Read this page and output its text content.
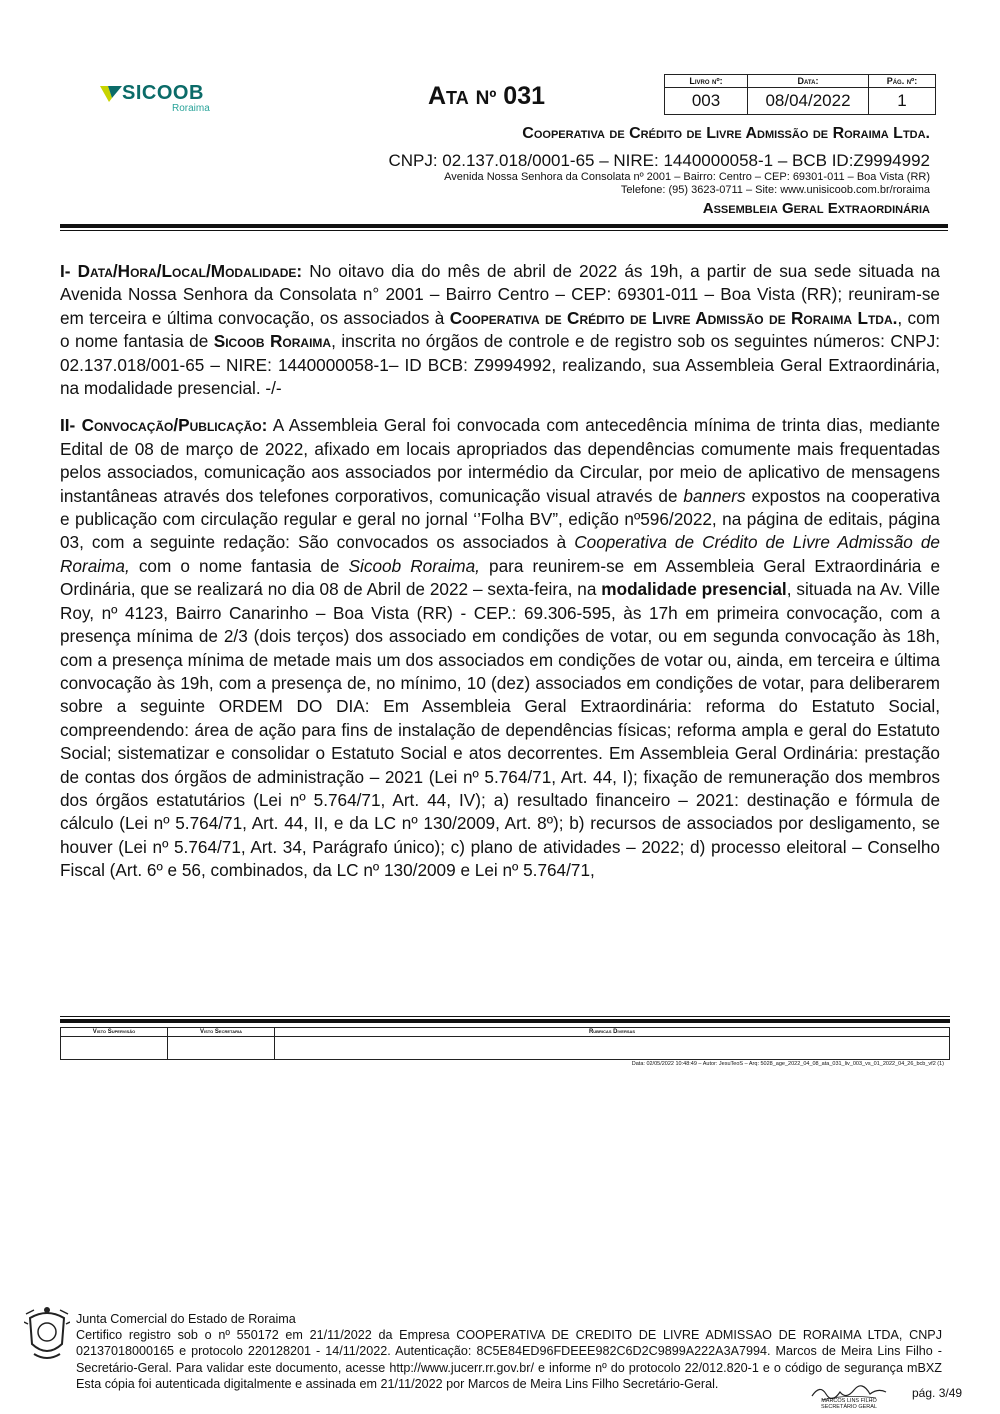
SICOOB
Roraima	Ata Nº 031
Livro nº:	Data:	Pág. nº:
003	08/04/2022	1
Cooperativa de Crédito de Livre Admissão de Roraima Ltda.
CNPJ: 02.137.018/0001-65 – NIRE: 1440000058-1 – BCB ID:Z9994992
Avenida Nossa Senhora da Consolata nº 2001 – Bairro: Centro – CEP: 69301-011 – Boa Vista (RR)
Telefone: (95) 3623-0711 – Site: www.unisicoob.com.br/roraima
Assembleia Geral Extraordinária

I- Data/Hora/Local/Modalidade: No oitavo dia do mês de abril de 2022 ás 19h, a partir de sua sede situada na Avenida Nossa Senhora da Consolata n° 2001 – Bairro Centro – CEP: 69301-011 – Boa Vista (RR); reuniram-se em terceira e última convocação, os associados à Cooperativa de Crédito de Livre Admissão de Roraima Ltda., com o nome fantasia de Sicoob Roraima, inscrita no órgãos de controle e de registro sob os seguintes números: CNPJ: 02.137.018/001-65 – NIRE: 1440000058-1– ID BCB: Z9994992, realizando, sua Assembleia Geral Extraordinária, na modalidade presencial. -/-

II- Convocação/Publicação: A Assembleia Geral foi convocada com antecedência mínima de trinta dias, mediante Edital de 08 de março de 2022, afixado em locais apropriados das dependências comumente mais frequentadas pelos associados, comunicação aos associados por intermédio da Circular, por meio de aplicativo de mensagens instantâneas através dos telefones corporativos, comunicação visual através de banners expostos na cooperativa e publicação com circulação regular e geral no jornal ‘’Folha BV”, edição nº596/2022, na página de editais, página 03, com a seguinte redação: São convocados os associados à Cooperativa de Crédito de Livre Admissão de Roraima, com o nome fantasia de Sicoob Roraima, para reunirem-se em Assembleia Geral Extraordinária e Ordinária, que se realizará no dia 08 de Abril de 2022 – sexta-feira, na modalidade presencial, situada na Av. Ville Roy, nº 4123, Bairro Canarinho – Boa Vista (RR) - CEP.: 69.306-595, às 17h em primeira convocação, com a presença mínima de 2/3 (dois terços) dos associado em condições de votar, ou em segunda convocação às 18h, com a presença mínima de metade mais um dos associados em condições de votar ou, ainda, em terceira e última convocação às 19h, com a presença de, no mínimo, 10 (dez) associados em condições de votar, para deliberarem sobre a seguinte ORDEM DO DIA: Em Assembleia Geral Extraordinária: reforma do Estatuto Social, compreendendo: área de ação para fins de instalação de dependências físicas; reforma ampla e geral do Estatuto Social; sistematizar e consolidar o Estatuto Social e atos decorrentes. Em Assembleia Geral Ordinária: prestação de contas dos órgãos de administração – 2021 (Lei nº 5.764/71, Art. 44, I); fixação de remuneração dos membros dos órgãos estatutários (Lei nº 5.764/71, Art. 44, IV); a) resultado financeiro – 2021: destinação e fórmula de cálculo (Lei nº 5.764/71, Art. 44, II, e da LC nº 130/2009, Art. 8º); b) recursos de associados por desligamento, se houver (Lei nº 5.764/71, Art. 34, Parágrafo único); c) plano de atividades – 2022; d) processo eleitoral – Conselho Fiscal (Art. 6º e 56, combinados, da LC nº 130/2009 e Lei nº 5.764/71,

Visto Supervisão	Visto Secretaria	Rubricas Diversas

Data: 02/05/2022 10:48:49 – Autor: JesuTeoS – Arq: 5028_age_2022_04_08_ata_031_liv_003_vs_01_2022_04_26_bcb_vf2 (1)
Junta Comercial do Estado de Roraima
Certifico registro sob o nº 550172 em 21/11/2022 da Empresa COOPERATIVA DE CREDITO DE LIVRE ADMISSAO DE RORAIMA LTDA, CNPJ 02137018000165 e protocolo 220128201 - 14/11/2022. Autenticação: 8C5E84ED96FDEEE982C6D2C9899A222A3A7994. Marcos de Meira Lins Filho - Secretário-Geral. Para validar este documento, acesse http://www.jucerr.rr.gov.br/ e informe nº do protocolo 22/012.820-1 e o código de segurança mBXZ Esta cópia foi autenticada digitalmente e assinada em 21/11/2022 por Marcos de Meira Lins Filho Secretário-Geral.
MARCOS LINS FILHO
SECRETÁRIO GERAL
pág. 3/49
